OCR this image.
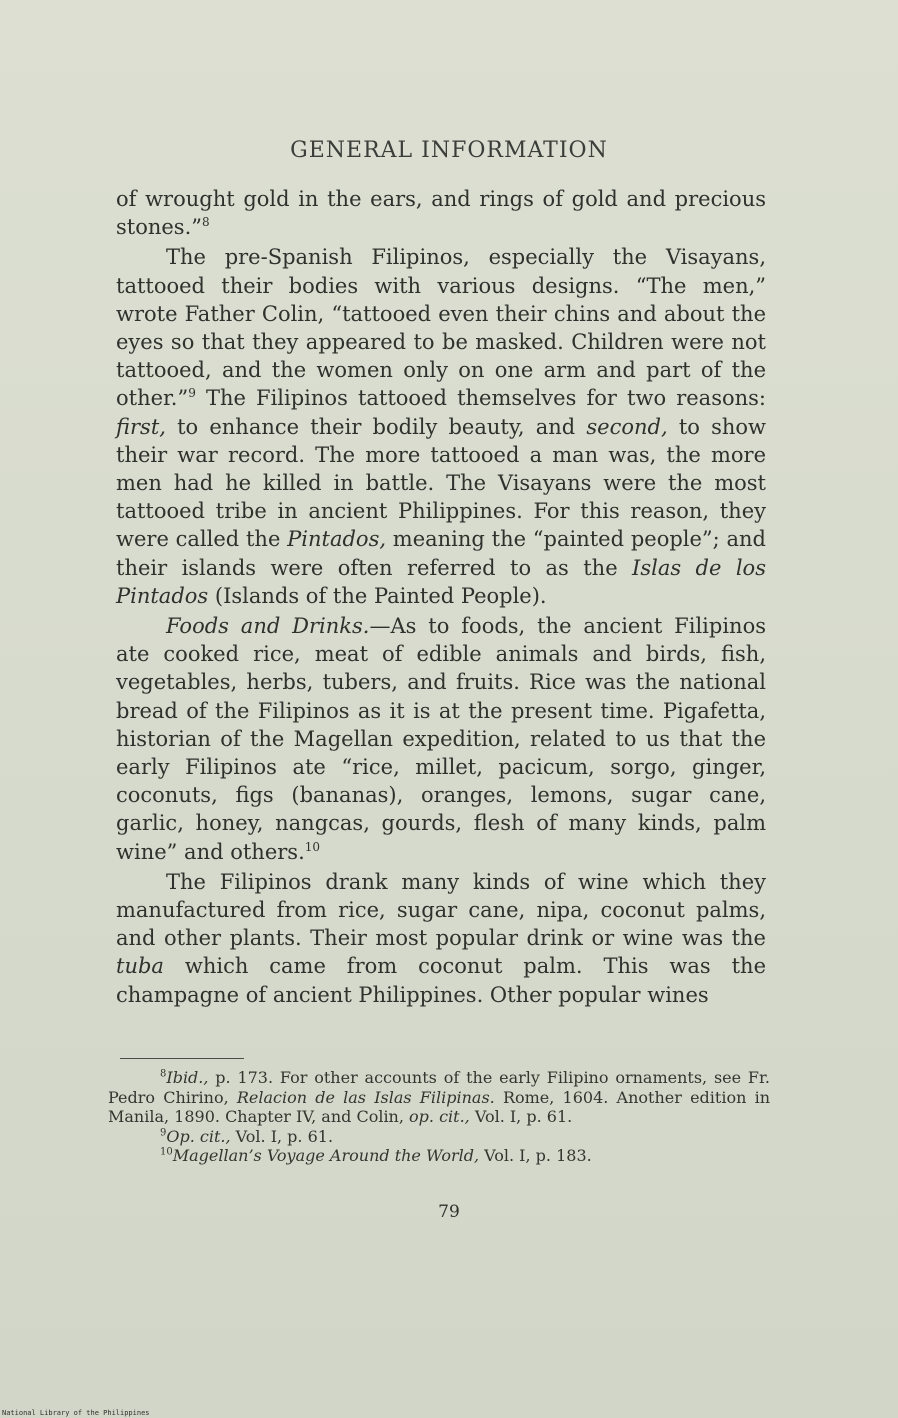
GENERAL INFORMATION

of wrought gold in the ears, and rings of gold and precious stones.”$^8$

The pre-Spanish Filipinos, especially the Visayans, tattooed their bodies with various designs. “The men,” wrote Father Colin, “tattooed even their chins and about the eyes so that they appeared to be masked. Children were not tattooed, and the women only on one arm and part of the other.”$^9$ The Filipinos tattooed themselves for two reasons: first, to enhance their bodily beauty, and second, to show their war record. The more tattooed a man was, the more men had he killed in battle. The Visayans were the most tattooed tribe in ancient Philippines. For this reason, they were called the Pintados, meaning the “painted people”; and their islands were often referred to as the Islas de los Pintados (Islands of the Painted People).

Foods and Drinks.—As to foods, the ancient Filipinos ate cooked rice, meat of edible animals and birds, fish, vegetables, herbs, tubers, and fruits. Rice was the national bread of the Filipinos as it is at the present time. Pigafetta, historian of the Magellan expedition, related to us that the early Filipinos ate “rice, millet, pacicum, sorgo, ginger, coconuts, figs (bananas), oranges, lemons, sugar cane, garlic, honey, nangcas, gourds, flesh of many kinds, palm wine” and others.$^{10}$

The Filipinos drank many kinds of wine which they manufactured from rice, sugar cane, nipa, coconut palms, and other plants. Their most popular drink or wine was the tuba which came from coconut palm. This was the champagne of ancient Philippines. Other popular wines

$^8$Ibid., p. 173. For other accounts of the early Filipino ornaments, see Fr. Pedro Chirino, Relacion de las Islas Filipinas. Rome, 1604. Another edition in Manila, 1890. Chapter IV, and Colin, op. cit., Vol. I, p. 61.

$^9$Op. cit., Vol. I, p. 61.

$^{10}$Magellan’s Voyage Around the World, Vol. I, p. 183.

79
National Library of the Philippines
